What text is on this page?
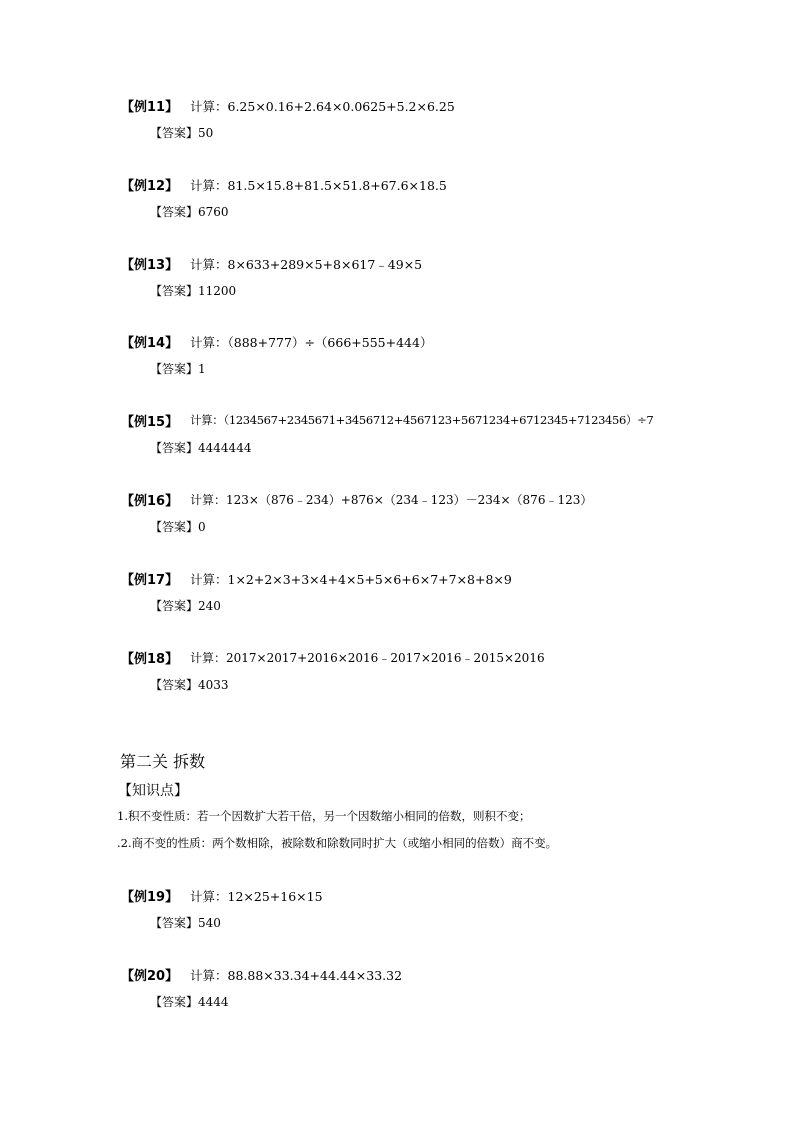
【例11】 计算：6.25×0.16+2.64×0.0625+5.2×6.25
【答案】50
【例12】 计算：81.5×15.8+81.5×51.8+67.6×18.5
【答案】6760
【例13】 计算：8×633+289×5+8×617﹣49×5
【答案】11200
【例14】 计算：（888+777）÷（666+555+444）
【答案】1
【例15】 计算：（1234567+2345671+3456712+4567123+5671234+6712345+7123456）÷7
【答案】4444444
【例16】 计算：123×（876﹣234）+876×（234﹣123）－234×（876﹣123）
【答案】0
【例17】 计算：1×2+2×3+3×4+4×5+5×6+6×7+7×8+8×9
【答案】240
【例18】 计算：2017×2017+2016×2016﹣2017×2016﹣2015×2016
【答案】4033
第二关 拆数
【知识点】
1.积不变性质：若一个因数扩大若干倍，另一个因数缩小相同的倍数，则积不变；
.2.商不变的性质：两个数相除，被除数和除数同时扩大（或缩小相同的倍数）商不变。
【例19】 计算：12×25+16×15
【答案】540
【例20】 计算：88.88×33.34+44.44×33.32
【答案】4444
